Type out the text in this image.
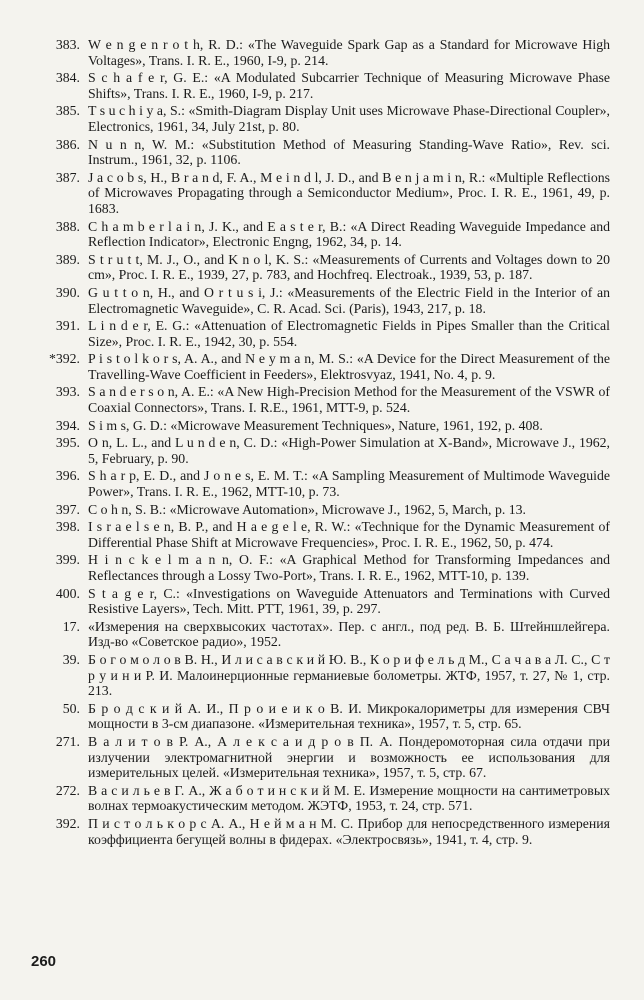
383. W e n g e n r o t h, R. D.: «The Waveguide Spark Gap as a Standard for Microwave High Voltages», Trans. I. R. E., 1960, I-9, p. 214.
384. S c h a f e r, G. E.: «A Modulated Subcarrier Technique of Measuring Microwave Phase Shifts», Trans. I. R. E., 1960, I-9, p. 217.
385. T s u c h i y a, S.: «Smith-Diagram Display Unit uses Microwave Phase-Directional Coupler», Electronics, 1961, 34, July 21st, p. 80.
386. N u n n, W. M.: «Substitution Method of Measuring Standing-Wave Ratio», Rev. sci. Instrum., 1961, 32, p. 1106.
387. J a c o b s, H., B r a n d, F. A., M e i n d l, J. D., and B e n j a m i n, R.: «Multiple Reflections of Microwaves Propagating through a Semiconductor Medium», Proc. I. R. E., 1961, 49, p. 1683.
388. C h a m b e r l a i n, J. K., and E a s t e r, B.: «A Direct Reading Waveguide Impedance and Reflection Indicator», Electronic Engng, 1962, 34, p. 14.
389. S t r u t t, M. J., O., and K n o l, K. S.: «Measurements of Currents and Voltages down to 20 cm», Proc. I. R. E., 1939, 27, p. 783, and Hochfreq. Electroak., 1939, 53, p. 187.
390. G u t t o n, H., and O r t u s i, J.: «Measurements of the Electric Field in the Interior of an Electromagnetic Waveguide», C. R. Acad. Sci. (Paris), 1943, 217, p. 18.
391. L i n d e r, E. G.: «Attenuation of Electromagnetic Fields in Pipes Smaller than the Critical Size», Proc. I. R. E., 1942, 30, p. 554.
*392. P i s t o l k o r s, A. A., and N e y m a n, M. S.: «A Device for the Direct Measurement of the Travelling-Wave Coefficient in Feeders», Elektrosvyaz, 1941, No. 4, p. 9.
393. S a n d e r s o n, A. E.: «A New High-Precision Method for the Measurement of the VSWR of Coaxial Connectors», Trans. I. R.E., 1961, MTT-9, p. 524.
394. S i m s, G. D.: «Microwave Measurement Techniques», Nature, 1961, 192, p. 408.
395. O n, L. L., and L u n d e n, C. D.: «High-Power Simulation at X-Band», Microwave J., 1962, 5, February, p. 90.
396. S h a r p, E. D., and J o n e s, E. M. T.: «A Sampling Measurement of Multimode Waveguide Power», Trans. I. R. E., 1962, MTT-10, p. 73.
397. C o h n, S. B.: «Microwave Automation», Microwave J., 1962, 5, March, p. 13.
398. I s r a e l s e n, B. P., and H a e g e l e, R. W.: «Technique for the Dynamic Measurement of Differential Phase Shift at Microwave Frequencies», Proc. I. R. E., 1962, 50, p. 474.
399. H i n c k e l m a n n, O. F.: «A Graphical Method for Transforming Impedances and Reflectances through a Lossy Two-Port», Trans. I. R. E., 1962, MTT-10, p. 139.
400. S t a g e r, C.: «Investigations on Waveguide Attenuators and Terminations with Curved Resistive Layers», Tech. Mitt. PTT, 1961, 39, p. 297.
17. «Измерения на сверхвысоких частотах». Пер. с англ., под ред. В. Б. Штейншлейгера. Изд-во «Советское радио», 1952.
39. Б о г о м о л о в В. Н., И л и с а в с к и й Ю. В., К о р и ф е л ь д М., С а ч а в а Л. С., С т р у и н и Р. И. Малоинерционные германиевые болометры. ЖТФ, 1957, т. 27, № 1, стр. 213.
50. Б р о д с к и й А. И., П р о и е и к о В. И. Микрокалориметры для измерения СВЧ мощности в 3-см диапазоне. «Измерительная техника», 1957, т. 5, стр. 65.
271. В а л и т о в Р. А., А л е к с а и д р о в П. А. Пондеромоторная сила отдачи при излучении электромагнитной энергии и возможность ее использования для измерительных целей. «Измерительная техника», 1957, т. 5, стр. 67.
272. В а с и л ь е в Г. А., Ж а б о т и н с к и й М. Е. Измерение мощности на сантиметровых волнах термоакустическим методом. ЖЭТФ, 1953, т. 24, стр. 571.
392. П и с т о л ь к о р с А. А., Н е й м а н М. С. Прибор для непосредственного измерения коэффициента бегущей волны в фидерах. «Электросвязь», 1941, т. 4, стр. 9.
260
